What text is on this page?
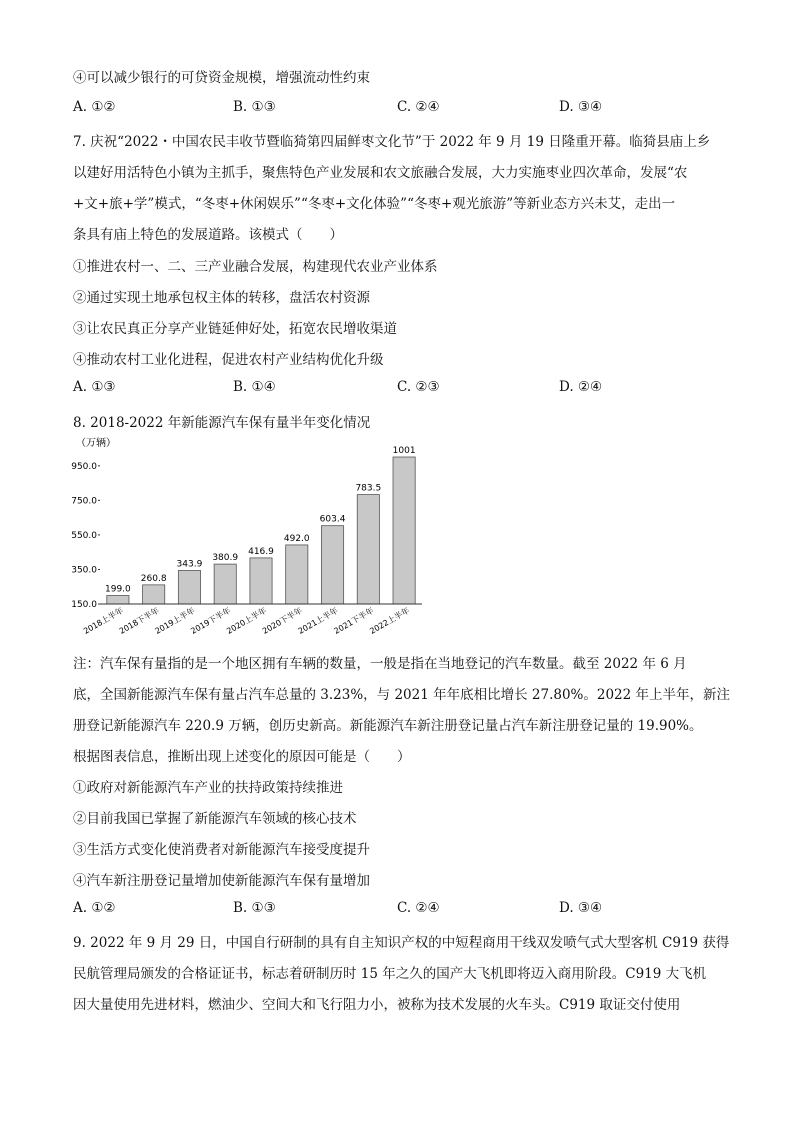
④可以减少银行的可贷资金规模，增强流动性约束
A. ①②	B. ①③	C. ②④	D. ③④
7. 庆祝“2022・中国农民丰收节暨临猗第四届鲜枣文化节”于 2022 年 9 月 19 日隆重开幕。临猗县庙上乡
以建好用活特色小镇为主抓手，聚焦特色产业发展和农文旅融合发展，大力实施枣业四次革命，发展“农
+文+旅+学”模式，“冬枣+休闲娱乐”“冬枣+文化体验”“冬枣+观光旅游”等新业态方兴未艾，走出一
条具有庙上特色的发展道路。该模式（　　）
①推进农村一、二、三产业融合发展，构建现代农业产业体系
②通过实现土地承包权主体的转移，盘活农村资源
③让农民真正分享产业链延伸好处，拓宽农民增收渠道
④推动农村工业化进程，促进农村产业结构优化升级
A. ①③	B. ①④	C. ②③	D. ②④
8. 2018-2022 年新能源汽车保有量半年变化情况
（万辆）
150.0
350.0
550.0
750.0
950.0
199.0
260.8
343.9
380.9
416.9
492.0
603.4
783.5
1001
2018上半年
2018下半年
2019上半年
2019下半年
2020上半年
2020下半年
2021上半年
2021下半年
2022上半年
注：汽车保有量指的是一个地区拥有车辆的数量，一般是指在当地登记的汽车数量。截至 2022 年 6 月
底，全国新能源汽车保有量占汽车总量的 3.23%，与 2021 年年底相比增长 27.80%。2022 年上半年，新注
册登记新能源汽车 220.9 万辆，创历史新高。新能源汽车新注册登记量占汽车新注册登记量的 19.90%。
根据图表信息，推断出现上述变化的原因可能是（　　）
①政府对新能源汽车产业的扶持政策持续推进
②目前我国已掌握了新能源汽车领域的核心技术
③生活方式变化使消费者对新能源汽车接受度提升
④汽车新注册登记量增加使新能源汽车保有量增加
A. ①②	B. ①③	C. ②④	D. ③④
9. 2022 年 9 月 29 日，中国自行研制的具有自主知识产权的中短程商用干线双发喷气式大型客机 C919 获得
民航管理局颁发的合格证证书，标志着研制历时 15 年之久的国产大飞机即将迈入商用阶段。C919 大飞机
因大量使用先进材料，燃油少、空间大和飞行阻力小，被称为技术发展的火车头。C919 取证交付使用
